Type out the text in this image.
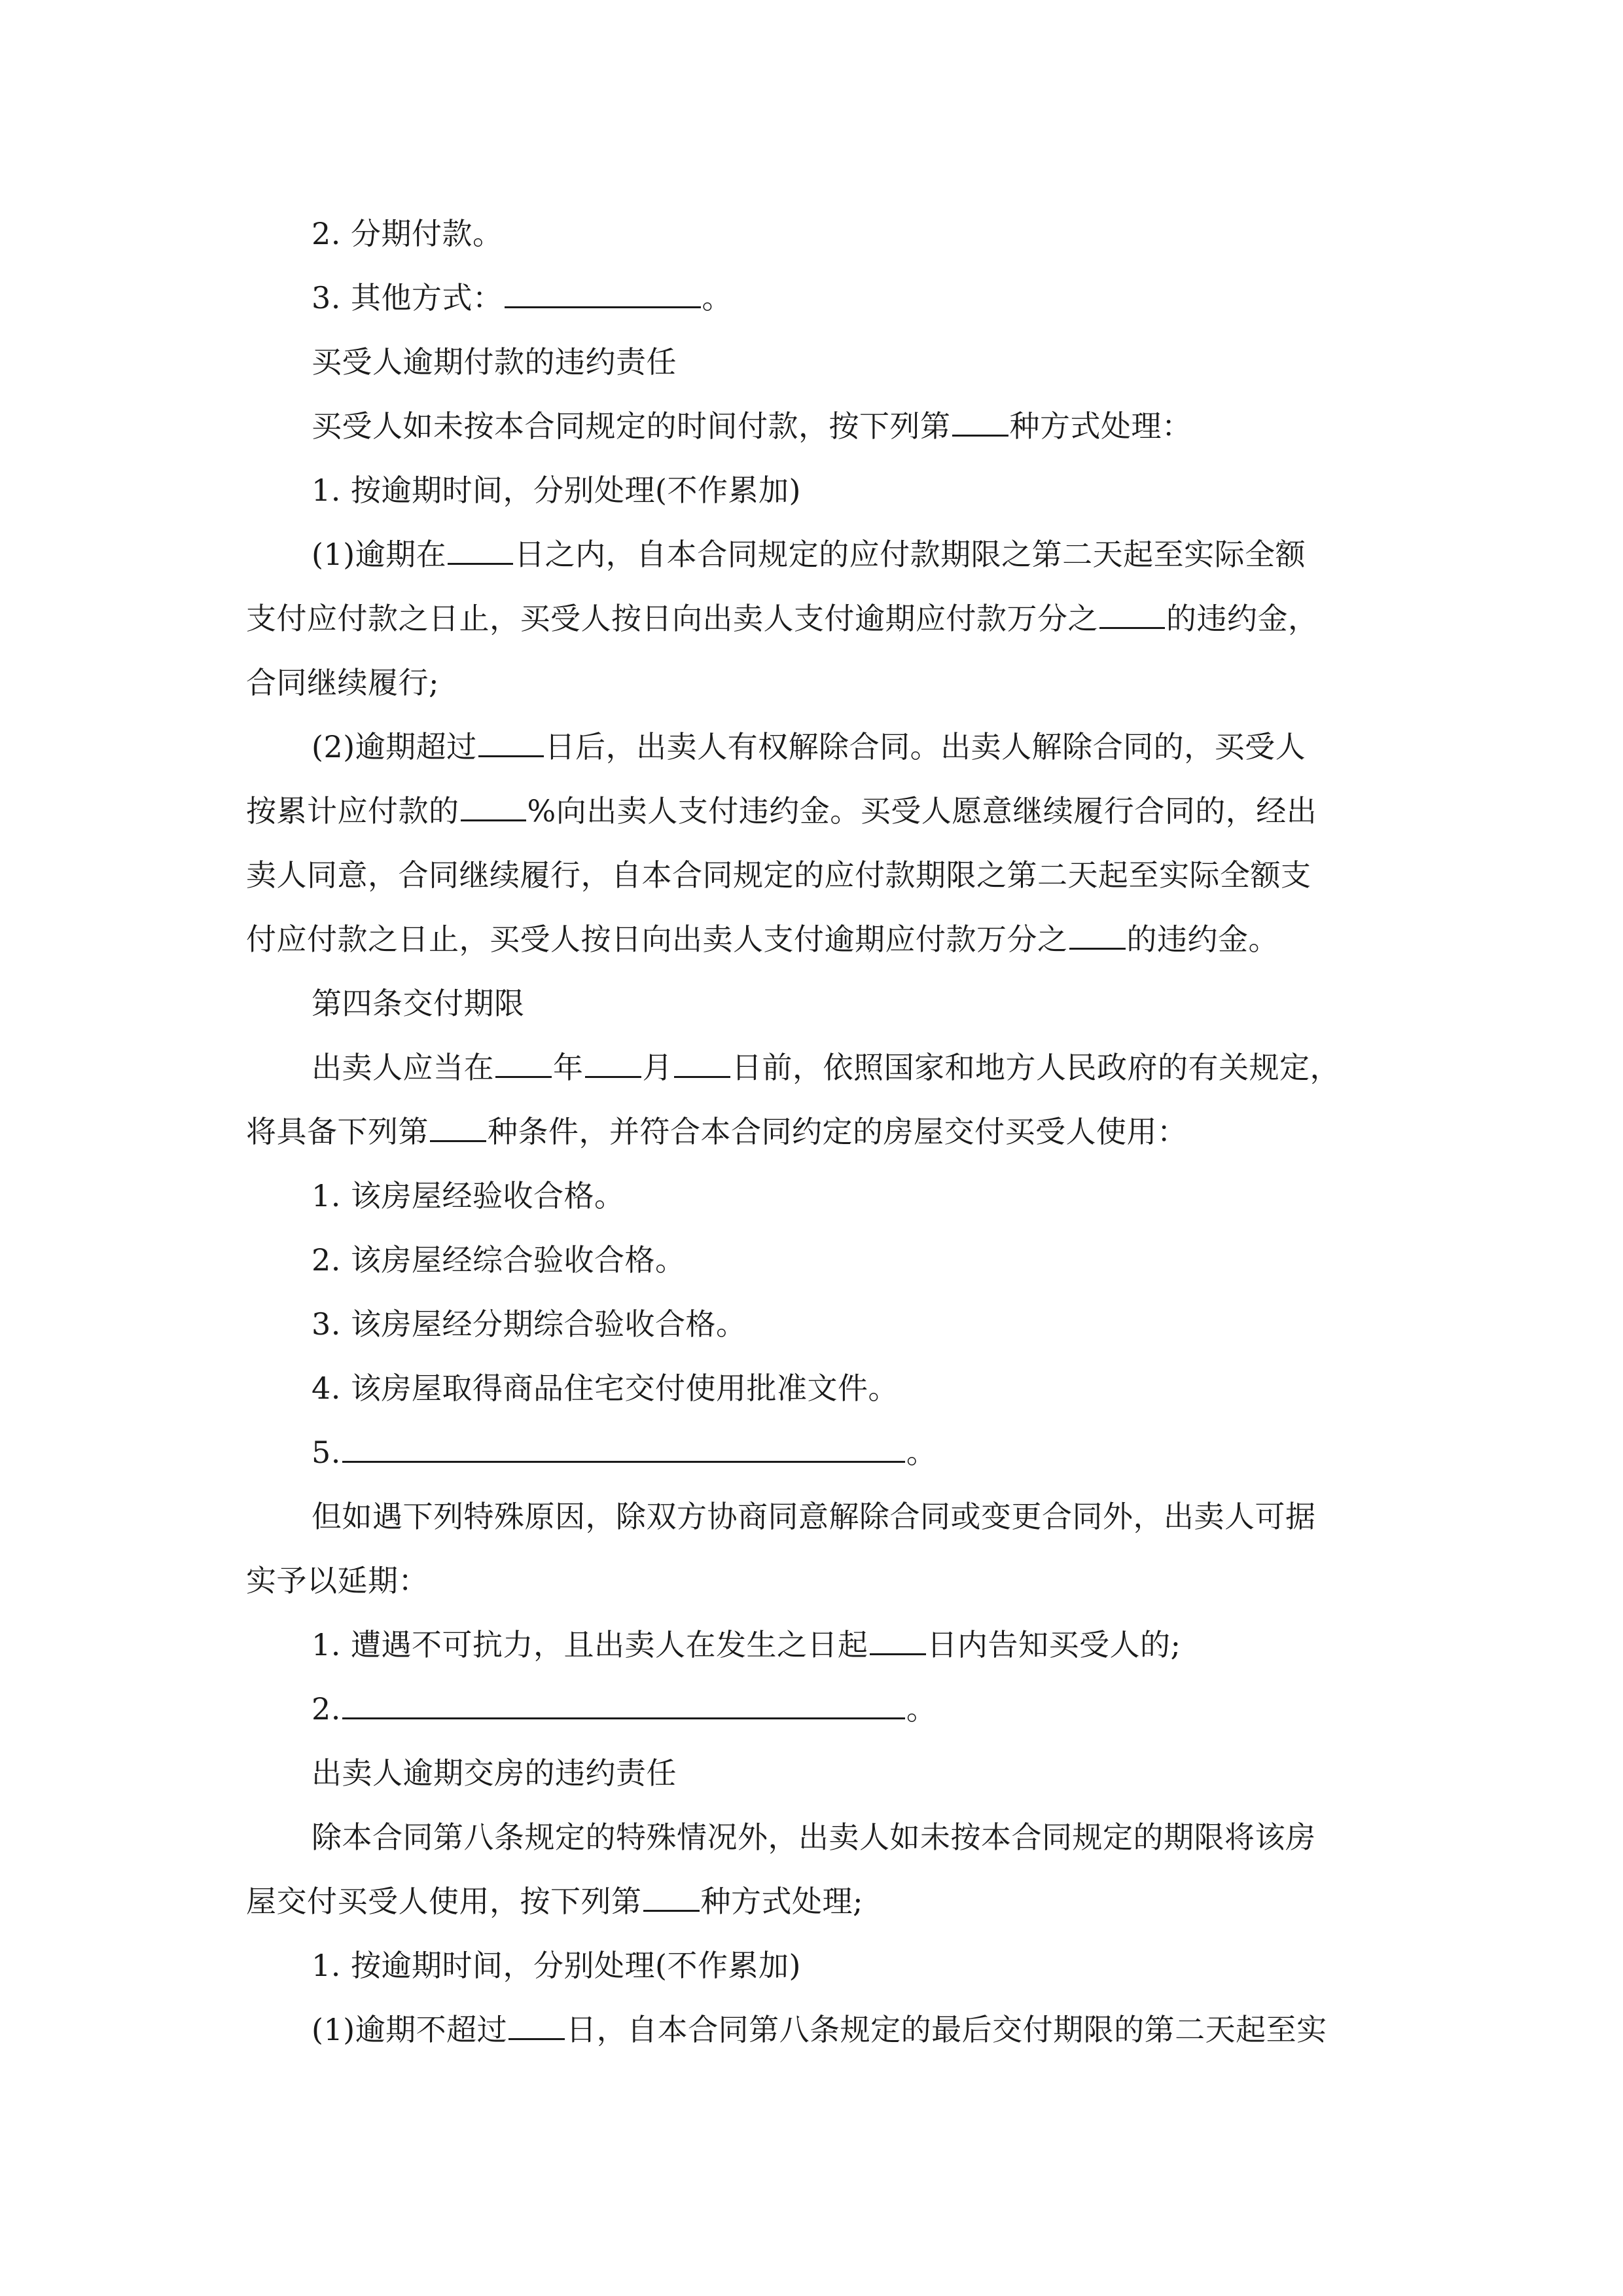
2. 分期付款。
3. 其他方式：	。
买受人逾期付款的违约责任
买受人如未按本合同规定的时间付款，按下列第 种方式处理：
1. 按逾期时间，分别处理(不作累加)
(1)逾期在 日之内，自本合同规定的应付款期限之第二天起至实际全额
支付应付款之日止，买受人按日向出卖人支付逾期应付款万分之 的违约金，
合同继续履行;
(2)逾期超过 日后，出卖人有权解除合同。出卖人解除合同的，买受人
按累计应付款的 %向出卖人支付违约金。买受人愿意继续履行合同的，经出
卖人同意，合同继续履行，自本合同规定的应付款期限之第二天起至实际全额支
付应付款之日止，买受人按日向出卖人支付逾期应付款万分之 的违约金。
第四条交付期限
出卖人应当在 年 月 日前，依照国家和地方人民政府的有关规定，
将具备下列第 种条件，并符合本合同约定的房屋交付买受人使用：
1. 该房屋经验收合格。
2. 该房屋经综合验收合格。
3. 该房屋经分期综合验收合格。
4. 该房屋取得商品住宅交付使用批准文件。
5.	。
但如遇下列特殊原因，除双方协商同意解除合同或变更合同外，出卖人可据
实予以延期：
1. 遭遇不可抗力，且出卖人在发生之日起 日内告知买受人的;
2.	。
出卖人逾期交房的违约责任
除本合同第八条规定的特殊情况外，出卖人如未按本合同规定的期限将该房
屋交付买受人使用，按下列第 种方式处理;
1. 按逾期时间，分别处理(不作累加)
(1)逾期不超过 日，自本合同第八条规定的最后交付期限的第二天起至实
